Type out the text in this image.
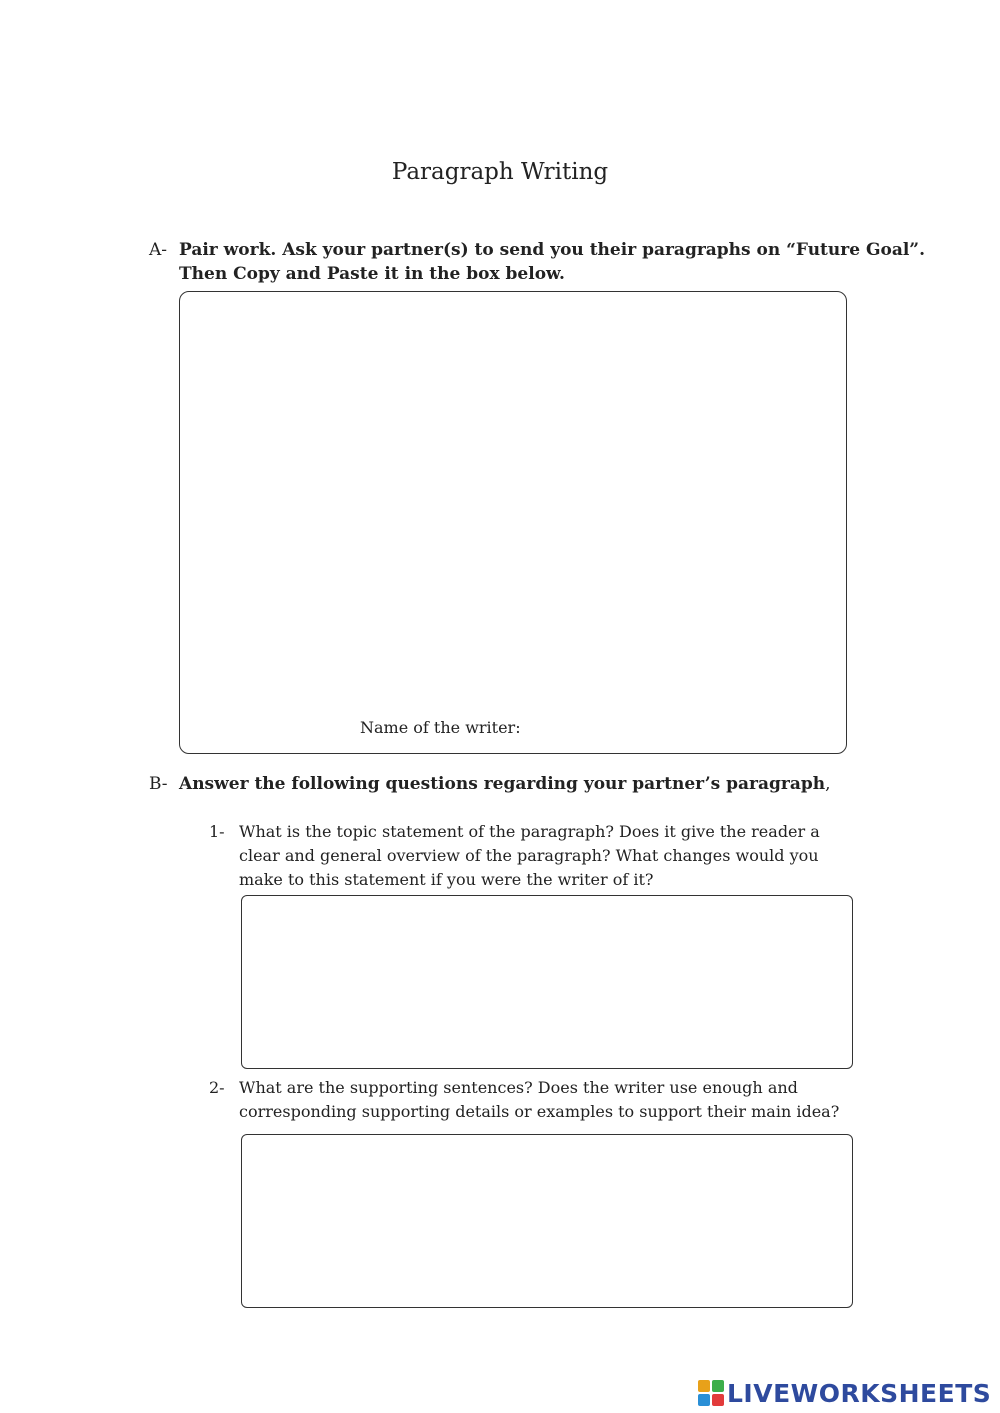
Paragraph Writing
A- Pair work. Ask your partner(s) to send you their paragraphs on “Future Goal”.
Then Copy and Paste it in the box below.
Name of the writer:
B- Answer the following questions regarding your partner’s paragraph,
1- What is the topic statement of the paragraph? Does it give the reader a
clear and general overview of the paragraph? What changes would you
make to this statement if you were the writer of it?
2- What are the supporting sentences? Does the writer use enough and
corresponding supporting details or examples to support their main idea?
LIVEWORKSHEETS
